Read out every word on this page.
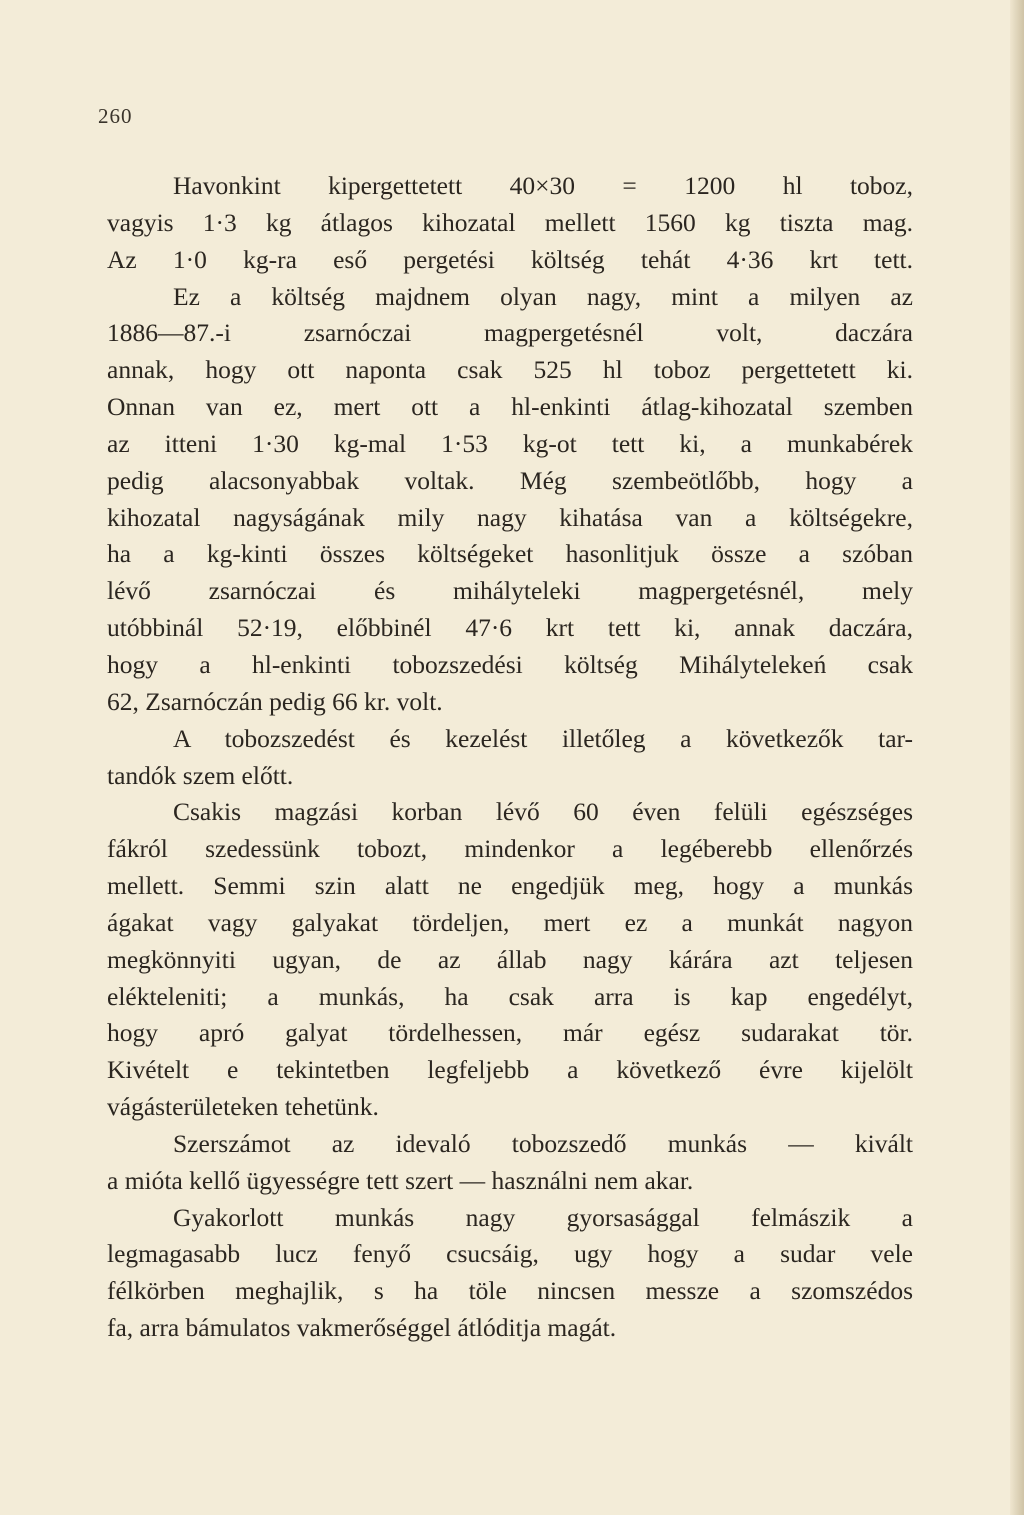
260
Havonkint kipergettetett 40×30 = 1200 hl toboz,
vagyis 1·3 kg átlagos kihozatal mellett 1560 kg tiszta mag.
Az 1·0 kg-ra eső pergetési költség tehát 4·36 krt tett.
Ez a költség majdnem olyan nagy, mint a milyen az
1886—87.-i zsarnóczai magpergetésnél volt, daczára
annak, hogy ott naponta csak 525 hl toboz pergettetett ki.
Onnan van ez, mert ott a hl-enkinti átlag-kihozatal szemben
az itteni 1·30 kg-mal 1·53 kg-ot tett ki, a munkabérek
pedig alacsonyabbak voltak. Még szembeötlőbb, hogy a
kihozatal nagyságának mily nagy kihatása van a költségekre,
ha a kg-kinti összes költségeket hasonlitjuk össze a szóban
lévő zsarnóczai és mihályteleki magpergetésnél, mely
utóbbinál 52·19, előbbinél 47·6 krt tett ki, annak daczára,
hogy a hl-enkinti tobozszedési költség Mihálytelekeń csak
62, Zsarnóczán pedig 66 kr. volt.
A tobozszedést és kezelést illetőleg a következők tar-
tandók szem előtt.
Csakis magzási korban lévő 60 éven felüli egészséges
fákról szedessünk tobozt, mindenkor a legéberebb ellenőrzés
mellett. Semmi szin alatt ne engedjük meg, hogy a munkás
ágakat vagy galyakat tördeljen, mert ez a munkát nagyon
megkönnyiti ugyan, de az állab nagy kárára azt teljesen
elékteleniti; a munkás, ha csak arra is kap engedélyt,
hogy apró galyat tördelhessen, már egész sudarakat tör.
Kivételt e tekintetben legfeljebb a következő évre kijelölt
vágásterületeken tehetünk.
Szerszámot az idevaló tobozszedő munkás — kivált
a mióta kellő ügyességre tett szert — használni nem akar.
Gyakorlott munkás nagy gyorsasággal felmászik a
legmagasabb lucz fenyő csucsáig, ugy hogy a sudar vele
félkörben meghajlik, s ha töle nincsen messze a szomszédos
fa, arra bámulatos vakmerőséggel átlóditja magát.
